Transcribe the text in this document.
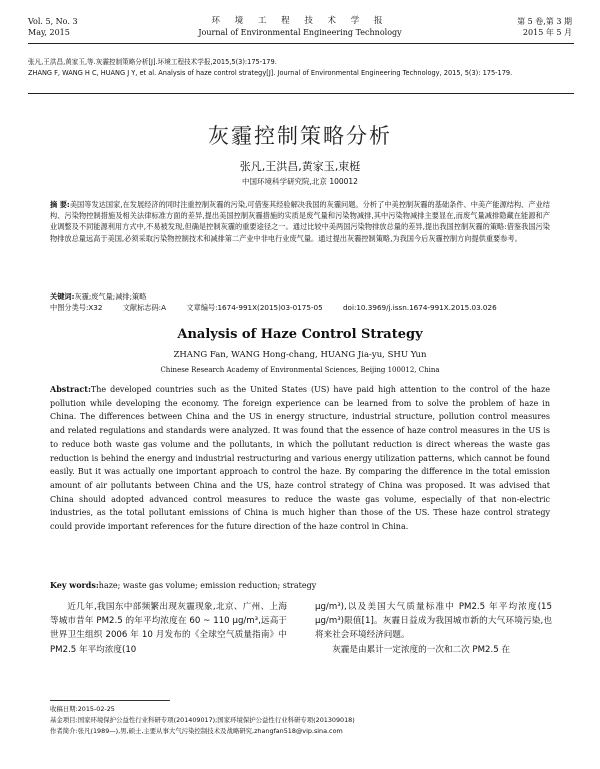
Vol. 5, No. 3
May, 2015
环 境 工 程 技 术 学 报
Journal of Environmental Engineering Technology
第 5 卷,第 3 期
2015 年 5 月
张凡,王洪昌,黄家玉,等.灰霾控制策略分析[J].环境工程技术学报,2015,5(3):175-179.
ZHANG F, WANG H C, HUANG J Y, et al. Analysis of haze control strategy[J]. Journal of Environmental Engineering Technology, 2015, 5(3): 175-179.
灰霾控制策略分析
张凡,王洪昌,黄家玉,束梃
中国环境科学研究院,北京 100012
摘 要:美国等发达国家,在发展经济的同时注重控制灰霾的污染,可借鉴其经验解决我国的灰霾问题。分析了中美控制灰霾的基础条件、中美产能源结构、产业结构、污染物控制措施及相关法律标准方面的差异,提出美国控制灰霾措施的实质是废气量和污染物减排,其中污染物减排主要显在,而废气量减排隐藏在能源和产业调整及不同能源利用方式中,不易被发现,但确是控制灰霾的重要途径之一。通过比较中美两国污染物排放总量的差异,提出我国控制灰霾的策略:借鉴我国污染物排放总量远高于美国,必须采取污染物控制技术和减排第二产业中非电行业废气量。通过提出灰霾控制策略,为我国今后灰霾控制方向提供重要参考。
关键词:灰霾;废气量;减排;策略
中图分类号:X32	文献标志码:A	文章编号:1674-991X(2015)03-0175-05	doi:10.3969/j.issn.1674-991X.2015.03.026
Analysis of Haze Control Strategy
ZHANG Fan, WANG Hong-chang, HUANG Jia-yu, SHU Yun
Chinese Research Academy of Environmental Sciences, Beijing 100012, China
Abstract:The developed countries such as the United States (US) have paid high attention to the control of the haze pollution while developing the economy. The foreign experience can be learned from to solve the problem of haze in China. The differences between China and the US in energy structure, industrial structure, pollution control measures and related regulations and standards were analyzed. It was found that the essence of haze control measures in the US is to reduce both waste gas volume and the pollutants, in which the pollutant reduction is direct whereas the waste gas reduction is behind the energy and industrial restructuring and various energy utilization patterns, which cannot be found easily. But it was actually one important approach to control the haze. By comparing the difference in the total emission amount of air pollutants between China and the US, haze control strategy of China was proposed. It was advised that China should adopted advanced control measures to reduce the waste gas volume, especially of that non-electric industries, as the total pollutant emissions of China is much higher than those of the US. These haze control strategy could provide important references for the future direction of the haze control in China.
Key words:haze; waste gas volume; emission reduction; strategy
近几年,我国东中部频繁出现灰霾现象,北京、广州、上海等城市昔年 PM2.5 的年平均浓度在 60 ~ 110 μg/m³,远高于世界卫生组织 2006 年 10 月发布的《全球空气质量指南》中 PM2.5 年平均浓度(10
μg/m³),以及美国大气质量标准中 PM2.5 年平均浓度(15 μg/m³)限值[1]。灰霾日益成为我国城市新的大气环境污染,也将来社会环境经济问题。
灰霾是由累计一定浓度的一次和二次 PM2.5 在
收稿日期:2015-02-25
基金项目:国家环境保护公益性行业科研专项(201409017);国家环境保护公益性行业科研专项(201309018)
作者简介:张凡(1989—),男,硕士,主要从事大气污染控制技术及战略研究,zhangfan518@vip.sina.com
